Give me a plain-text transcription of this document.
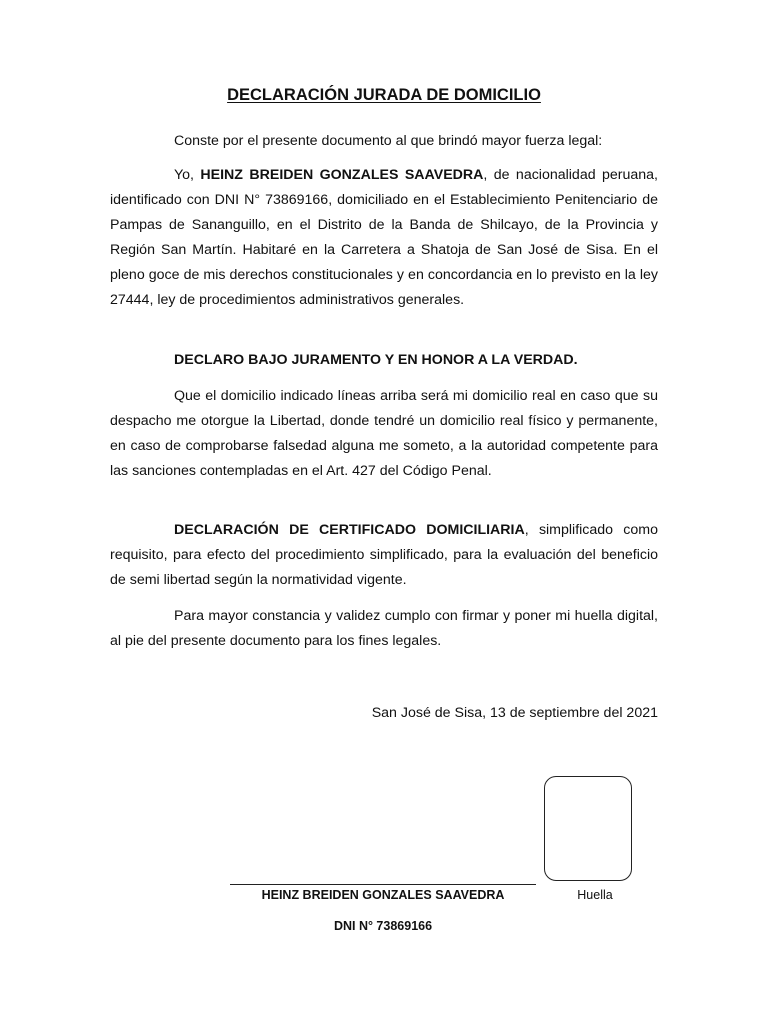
DECLARACIÓN JURADA DE DOMICILIO

Conste por el presente documento al que brindó mayor fuerza legal:

Yo, HEINZ BREIDEN GONZALES SAAVEDRA, de nacionalidad peruana, identificado con DNI N° 73869166, domiciliado en el Establecimiento Penitenciario de Pampas de Sananguillo, en el Distrito de la Banda de Shilcayo, de la Provincia y Región San Martín. Habitaré en la Carretera a Shatoja de San José de Sisa. En el pleno goce de mis derechos constitucionales y en concordancia en lo previsto en la ley 27444, ley de procedimientos administrativos generales.

DECLARO BAJO JURAMENTO Y EN HONOR A LA VERDAD.

Que el domicilio indicado líneas arriba será mi domicilio real en caso que su despacho me otorgue la Libertad, donde tendré un domicilio real físico y permanente, en caso de comprobarse falsedad alguna me someto, a la autoridad competente para las sanciones contempladas en el Art. 427 del Código Penal.

DECLARACIÓN DE CERTIFICADO DOMICILIARIA, simplificado como requisito, para efecto del procedimiento simplificado, para la evaluación del beneficio de semi libertad según la normatividad vigente.

Para mayor constancia y validez cumplo con firmar y poner mi huella digital, al pie del presente documento para los fines legales.

San José de Sisa, 13 de septiembre del 2021

HEINZ BREIDEN GONZALES SAAVEDRA	Huella
DNI N° 73869166
